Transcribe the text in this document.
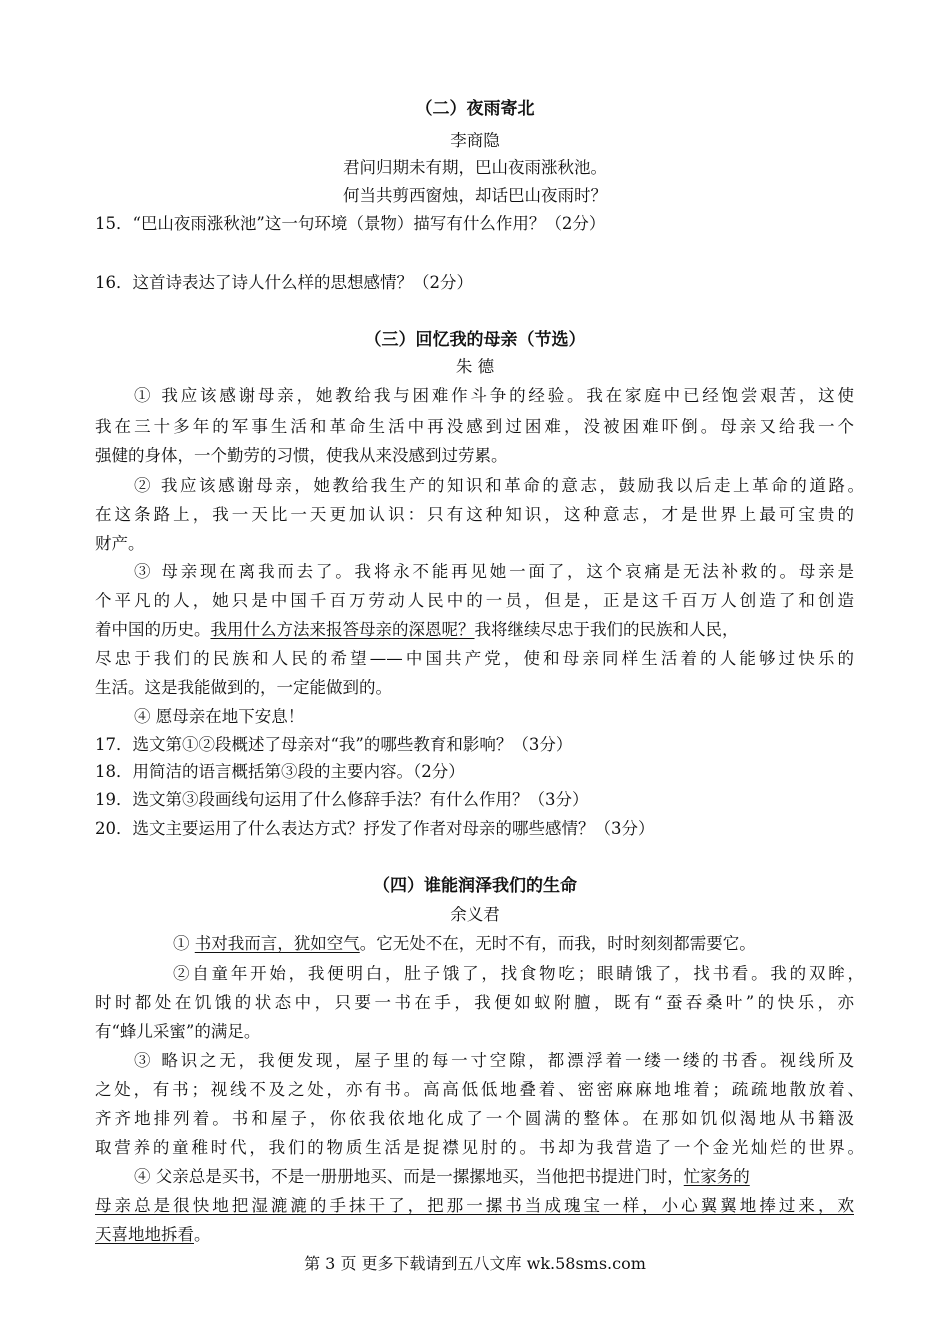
（二）夜雨寄北
李商隐
君问归期未有期，巴山夜雨涨秋池。
何当共剪西窗烛，却话巴山夜雨时？
15．“巴山夜雨涨秋池”这一句环境（景物）描写有什么作用？（2分）
16．这首诗表达了诗人什么样的思想感情？（2分）
（三）回忆我的母亲（节选）
朱 德
① 我应该感谢母亲，她教给我与困难作斗争的经验。我在家庭中已经饱尝艰苦，这使
我在三十多年的军事生活和革命生活中再没感到过困难，没被困难吓倒。母亲又给我一个
强健的身体，一个勤劳的习惯，使我从来没感到过劳累。
② 我应该感谢母亲，她教给我生产的知识和革命的意志，鼓励我以后走上革命的道路。
在这条路上，我一天比一天更加认识：只有这种知识，这种意志，才是世界上最可宝贵的
财产。
③ 母亲现在离我而去了。我将永不能再见她一面了，这个哀痛是无法补救的。母亲是
个平凡的人，她只是中国千百万劳动人民中的一员，但是，正是这千百万人创造了和创造
着中国的历史。我用什么方法来报答母亲的深恩呢？我将继续尽忠于我们的民族和人民，
尽忠于我们的民族和人民的希望——中国共产党，使和母亲同样生活着的人能够过快乐的
生活。这是我能做到的，一定能做到的。
④ 愿母亲在地下安息！
17．选文第①②段概述了母亲对“我”的哪些教育和影响？（3分）
18．用简洁的语言概括第③段的主要内容。（2分）
19．选文第③段画线句运用了什么修辞手法？有什么作用？（3分）
20．选文主要运用了什么表达方式？抒发了作者对母亲的哪些感情？（3分）
（四）谁能润泽我们的生命
余义君
① 书对我而言，犹如空气。它无处不在，无时不有，而我，时时刻刻都需要它。
②自童年开始，我便明白，肚子饿了，找食物吃；眼睛饿了，找书看。我的双眸，
时时都处在饥饿的状态中，只要一书在手，我便如蚁附膻，既有“蚕吞桑叶”的快乐，亦
有“蜂儿采蜜”的满足。
③ 略识之无，我便发现，屋子里的每一寸空隙，都漂浮着一缕一缕的书香。视线所及
之处，有书；视线不及之处，亦有书。高高低低地叠着、密密麻麻地堆着；疏疏地散放着、
齐齐地排列着。书和屋子，你依我依地化成了一个圆满的整体。在那如饥似渴地从书籍汲
取营养的童稚时代，我们的物质生活是捉襟见肘的。书却为我营造了一个金光灿烂的世界。
④ 父亲总是买书，不是一册册地买、而是一摞摞地买，当他把书提进门时，忙家务的
母亲总是很快地把湿漉漉的手抹干了，把那一摞书当成瑰宝一样，小心翼翼地捧过来，欢
天喜地地拆看。
第 3 页 更多下载请到五八文库 wk.58sms.com
